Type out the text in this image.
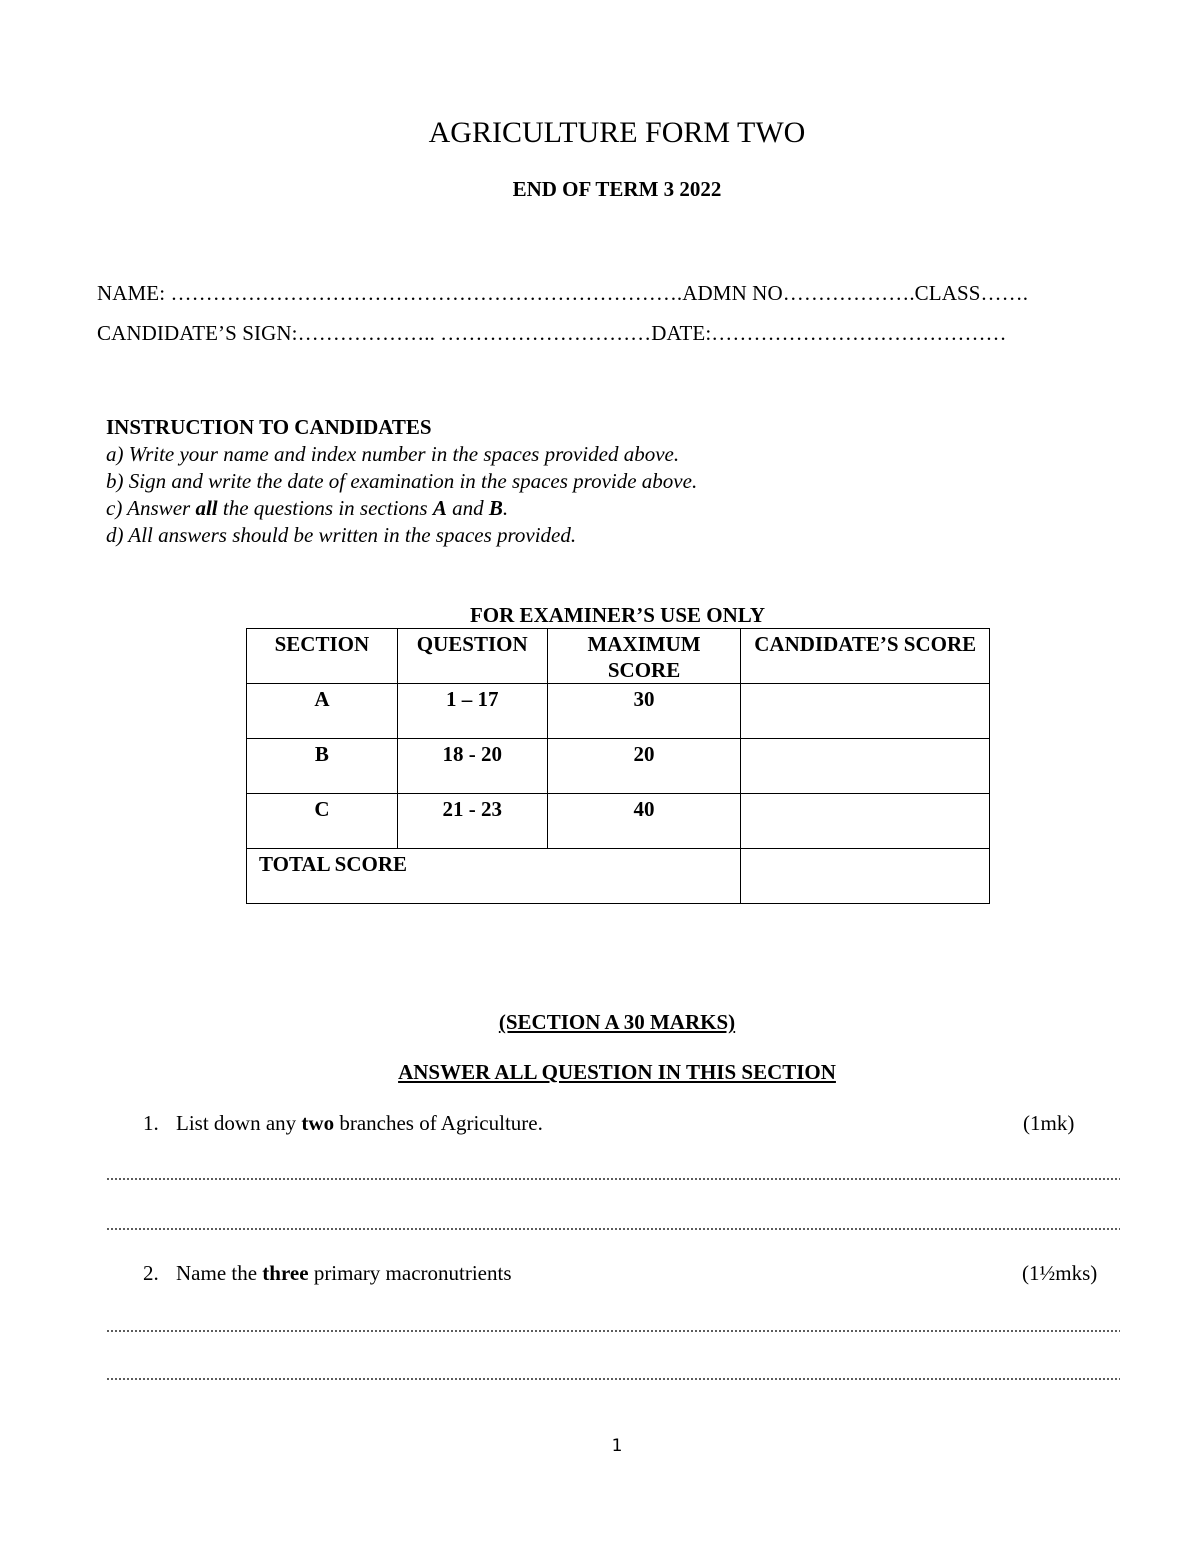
AGRICULTURE FORM TWO
END OF TERM 3 2022
NAME: ……………………………………………………………….ADMN NO……………….CLASS…….
CANDIDATE’S SIGN:……………….. …………………………DATE:……………………………………
INSTRUCTION TO CANDIDATES
a) Write your name and index number in the spaces provided above.
b) Sign and write the date of examination in the spaces provide above.
c) Answer all the questions in sections A and B.
d) All answers should be written in the spaces provided.
FOR EXAMINER’S USE ONLY
SECTION	QUESTION	MAXIMUM SCORE	CANDIDATE’S SCORE
A	1 – 17	30	
B	18 - 20	20	
C	21 - 23	40	
TOTAL SCORE			
(SECTION A 30 MARKS)
ANSWER ALL QUESTION IN THIS SECTION
1. List down any two branches of Agriculture.	(1mk)
2. Name the three primary macronutrients	(1½mks)
1
